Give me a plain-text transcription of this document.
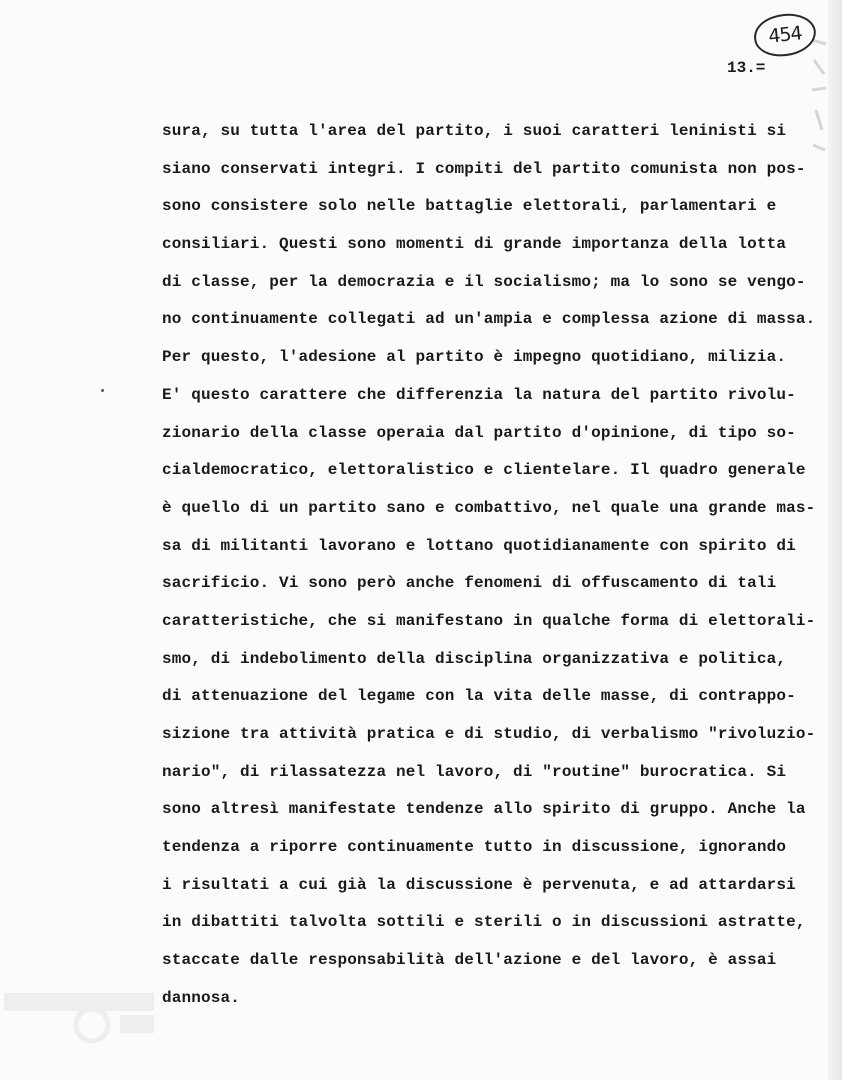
454
13.=
sura, su tutta l'area del partito, i suoi caratteri leninisti si
siano conservati integri. I compiti del partito comunista non pos-
sono consistere solo nelle battaglie elettorali, parlamentari e
consiliari. Questi sono momenti di grande importanza della lotta
di classe, per la democrazia e il socialismo; ma lo sono se vengo-
no continuamente collegati ad un'ampia e complessa azione di massa.
Per questo, l'adesione al partito è impegno quotidiano, milizia.
E' questo carattere che differenzia la natura del partito rivolu-
zionario della classe operaia dal partito d'opinione, di tipo so-
cialdemocratico, elettoralistico e clientelare. Il quadro generale
è quello di un partito sano e combattivo, nel quale una grande mas-
sa di militanti lavorano e lottano quotidianamente con spirito di
sacrificio. Vi sono però anche fenomeni di offuscamento di tali
caratteristiche, che si manifestano in qualche forma di elettorali-
smo, di indebolimento della disciplina organizzativa e politica,
di attenuazione del legame con la vita delle masse, di contrappo-
sizione tra attività pratica e di studio, di verbalismo "rivoluzio-
nario", di rilassatezza nel lavoro, di "routine" burocratica. Si
sono altresì manifestate tendenze allo spirito di gruppo. Anche la
tendenza a riporre continuamente tutto in discussione, ignorando
i risultati a cui già la discussione è pervenuta, e ad attardarsi
in dibattiti talvolta sottili e sterili o in discussioni astratte,
staccate dalle responsabilità dell'azione e del lavoro, è assai
dannosa.
